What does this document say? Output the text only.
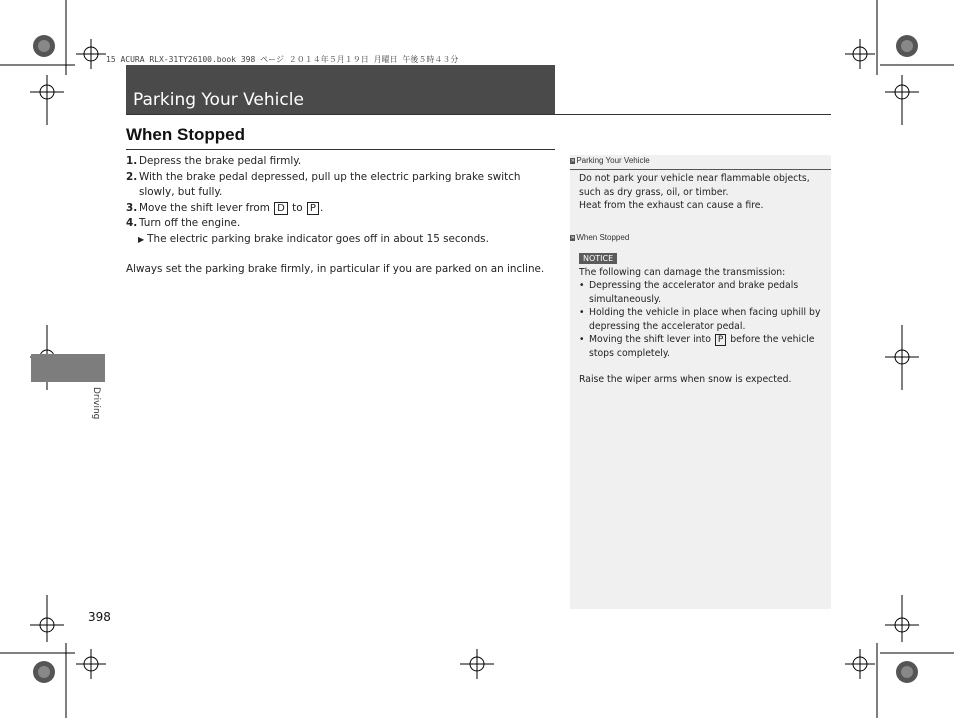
15 ACURA RLX-31TY26100.book 398 ページ ２０１４年５月１９日 月曜日 午後５時４３分
Parking Your Vehicle
When Stopped
1. Depress the brake pedal firmly.
2. With the brake pedal depressed, pull up the electric parking brake switch slowly, but fully.
3. Move the shift lever from D to P .
4. Turn off the engine.
▶ The electric parking brake indicator goes off in about 15 seconds.
Always set the parking brake firmly, in particular if you are parked on an incline.
» Parking Your Vehicle
Do not park your vehicle near flammable objects,
such as dry grass, oil, or timber.
Heat from the exhaust can cause a fire.
» When Stopped
NOTICE
The following can damage the transmission:
• Depressing the accelerator and brake pedals
simultaneously.
• Holding the vehicle in place when facing uphill by
depressing the accelerator pedal.
• Moving the shift lever into P before the vehicle
stops completely.
Raise the wiper arms when snow is expected.
Driving
398
